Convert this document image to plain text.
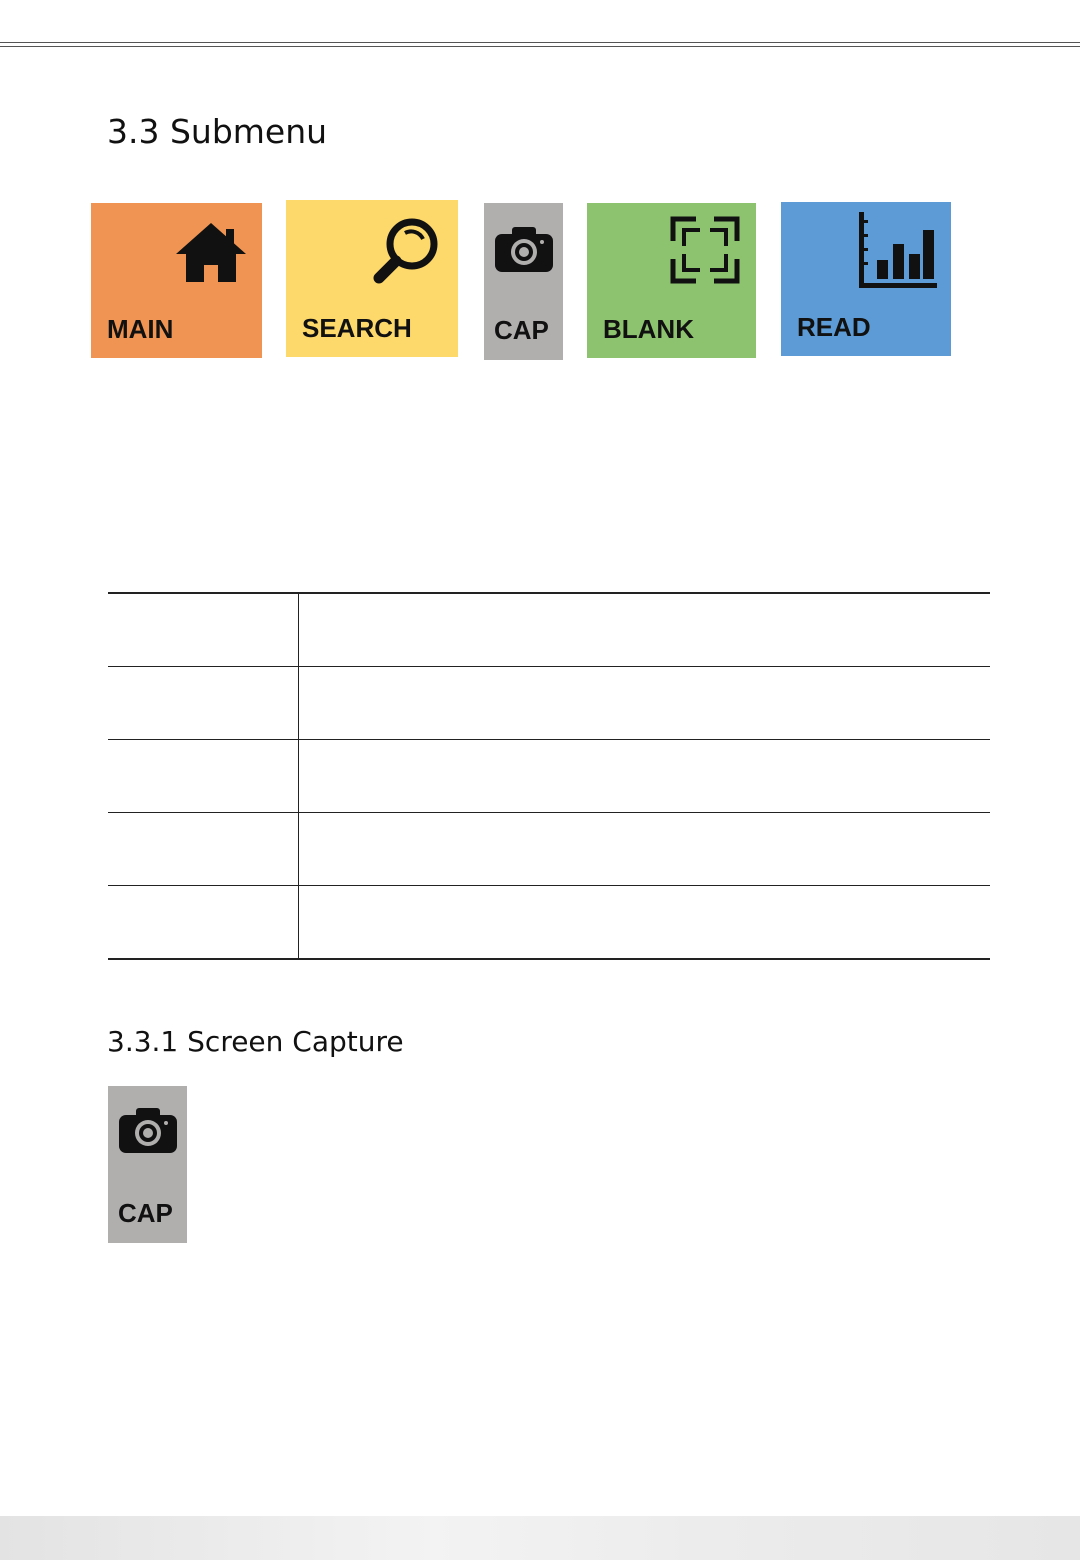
3.3 Submenu
MAIN	SEARCH	CAP BLANK	READ

3.3.1 Screen Capture
CAP
